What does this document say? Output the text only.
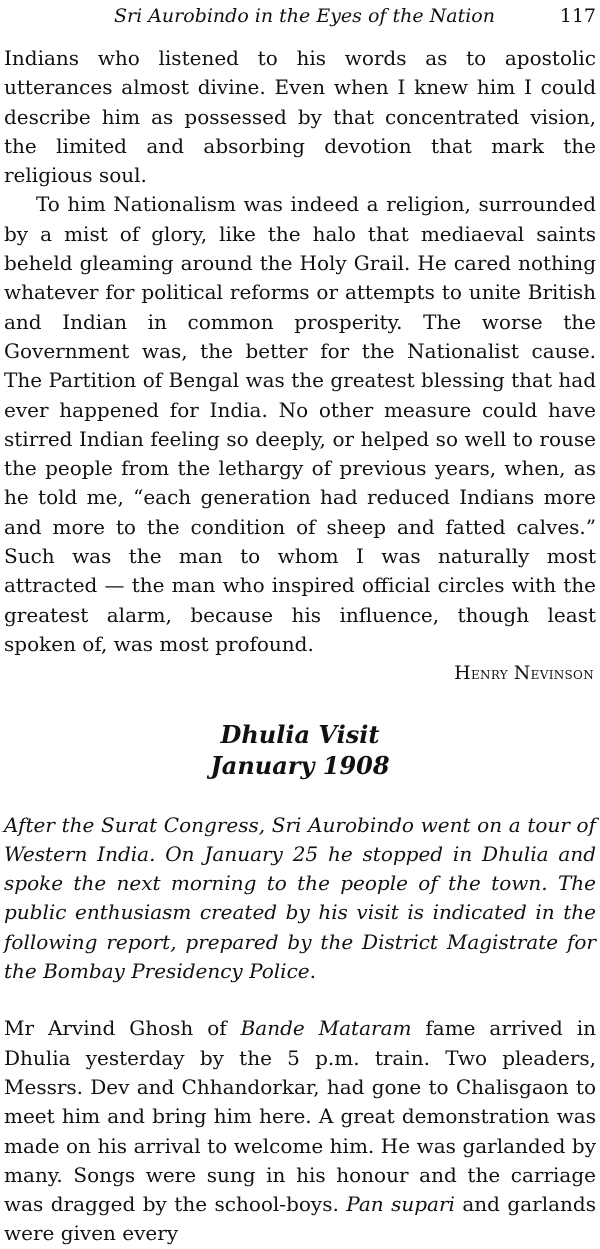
Sri Aurobindo in the Eyes of the Nation	117

Indians who listened to his words as to apostolic utterances almost divine. Even when I knew him I could describe him as possessed by that concentrated vision, the limited and absorbing devotion that mark the religious soul.

To him Nationalism was indeed a religion, surrounded by a mist of glory, like the halo that mediaeval saints beheld gleaming around the Holy Grail. He cared nothing whatever for political reforms or attempts to unite British and Indian in common prosperity. The worse the Government was, the better for the Nationalist cause. The Partition of Bengal was the greatest blessing that had ever happened for India. No other measure could have stirred Indian feeling so deeply, or helped so well to rouse the people from the lethargy of previous years, when, as he told me, “each generation had reduced Indians more and more to the condition of sheep and fatted calves.” Such was the man to whom I was naturally most attracted — the man who inspired official circles with the greatest alarm, because his influence, though least spoken of, was most profound.

Henry Nevinson

Dhulia Visit
January 1908

After the Surat Congress, Sri Aurobindo went on a tour of Western India. On January 25 he stopped in Dhulia and spoke the next morning to the people of the town. The public enthusiasm created by his visit is indicated in the following report, prepared by the District Magistrate for the Bombay Presidency Police.

Mr Arvind Ghosh of Bande Mataram fame arrived in Dhulia yesterday by the 5 p.m. train. Two pleaders, Messrs. Dev and Chhandorkar, had gone to Chalisgaon to meet him and bring him here. A great demonstration was made on his arrival to welcome him. He was garlanded by many. Songs were sung in his honour and the carriage was dragged by the school-boys. Pan supari and garlands were given every
